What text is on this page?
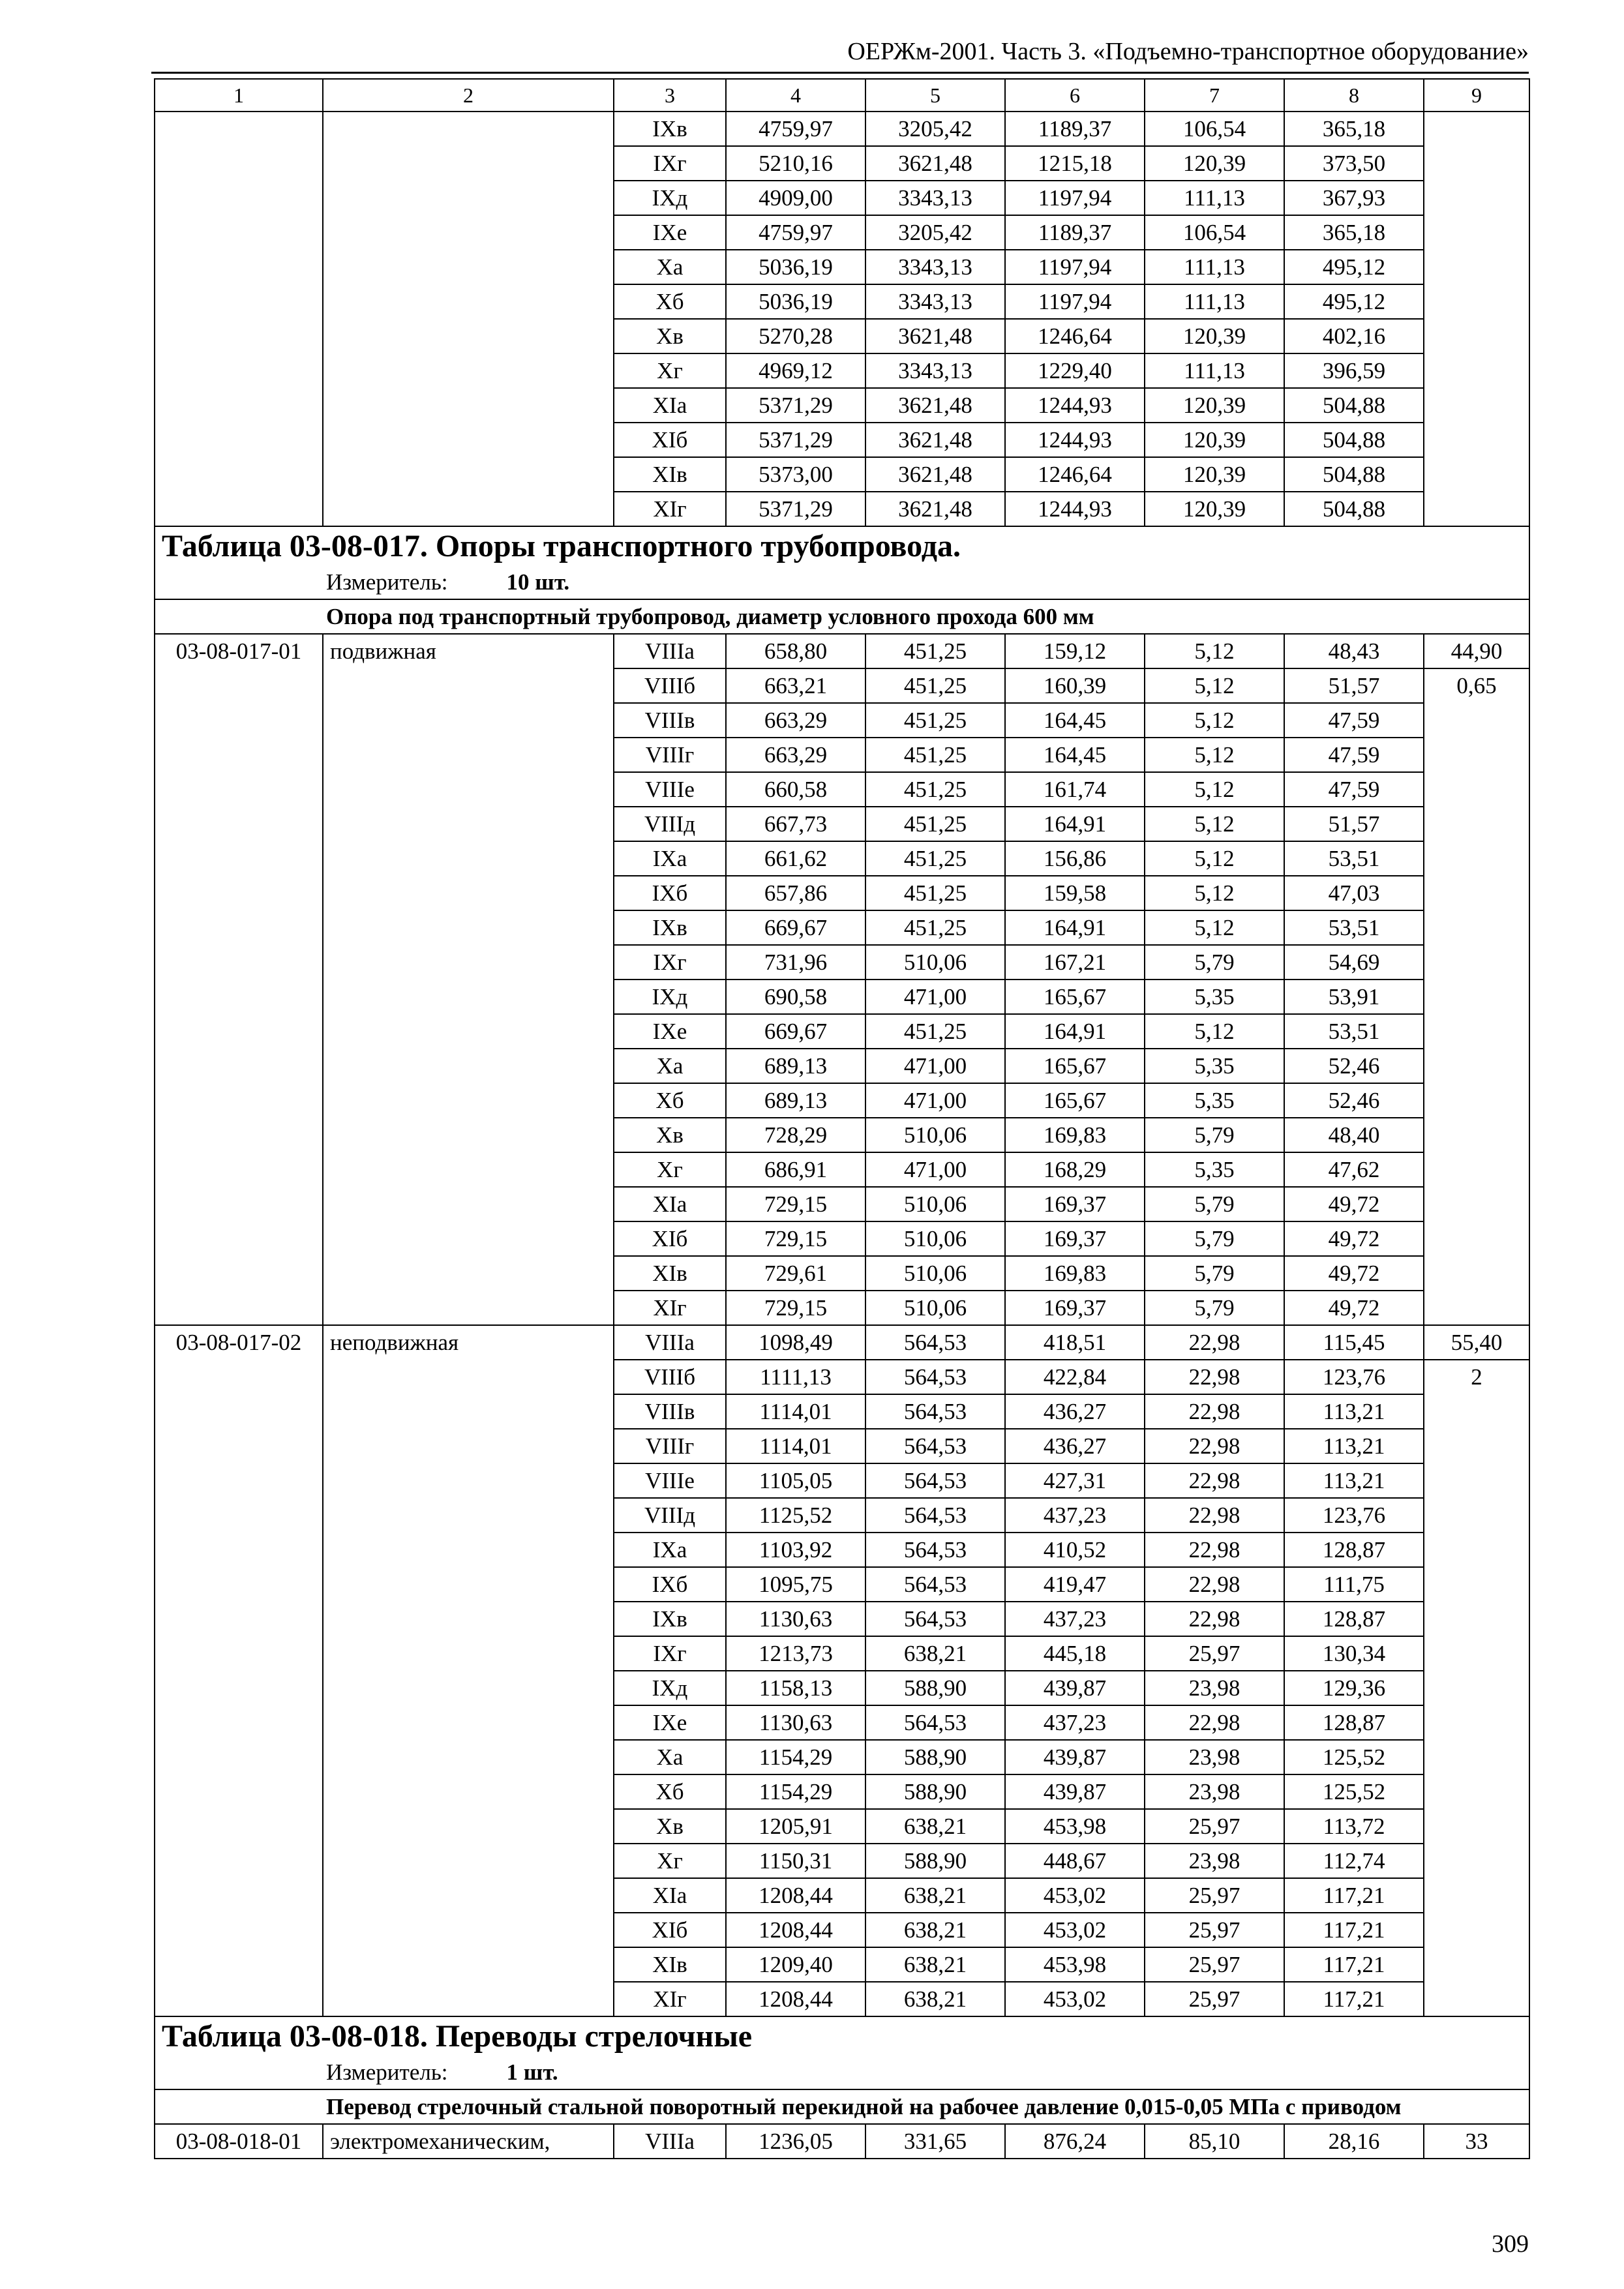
ОЕРЖм-2001. Часть 3. «Подъемно-транспортное оборудование»
1	2	3	4	5	6	7	8	9
		IXв	4759,97	3205,42	1189,37	106,54	365,18	
		IXг	5210,16	3621,48	1215,18	120,39	373,50	
		IXд	4909,00	3343,13	1197,94	111,13	367,93	
		IXе	4759,97	3205,42	1189,37	106,54	365,18	
		Xа	5036,19	3343,13	1197,94	111,13	495,12	
		Xб	5036,19	3343,13	1197,94	111,13	495,12	
		Xв	5270,28	3621,48	1246,64	120,39	402,16	
		Xг	4969,12	3343,13	1229,40	111,13	396,59	
		XIа	5371,29	3621,48	1244,93	120,39	504,88	
		XIб	5371,29	3621,48	1244,93	120,39	504,88	
		XIв	5373,00	3621,48	1246,64	120,39	504,88	
		XIг	5371,29	3621,48	1244,93	120,39	504,88	
Таблица 03-08-017. Опоры транспортного трубопровода.								
Измеритель: 10 шт.								
Опора под транспортный трубопровод, диаметр условного прохода 600 мм								
03-08-017-01	подвижная	VIIIа	658,80	451,25	159,12	5,12	48,43	44,90
		VIIIб	663,21	451,25	160,39	5,12	51,57	0,65
		VIIIв	663,29	451,25	164,45	5,12	47,59	
		VIIIг	663,29	451,25	164,45	5,12	47,59	
		VIIIе	660,58	451,25	161,74	5,12	47,59	
		VIIIд	667,73	451,25	164,91	5,12	51,57	
		IXа	661,62	451,25	156,86	5,12	53,51	
		IXб	657,86	451,25	159,58	5,12	47,03	
		IXв	669,67	451,25	164,91	5,12	53,51	
		IXг	731,96	510,06	167,21	5,79	54,69	
		IXд	690,58	471,00	165,67	5,35	53,91	
		IXе	669,67	451,25	164,91	5,12	53,51	
		Xа	689,13	471,00	165,67	5,35	52,46	
		Xб	689,13	471,00	165,67	5,35	52,46	
		Xв	728,29	510,06	169,83	5,79	48,40	
		Xг	686,91	471,00	168,29	5,35	47,62	
		XIа	729,15	510,06	169,37	5,79	49,72	
		XIб	729,15	510,06	169,37	5,79	49,72	
		XIв	729,61	510,06	169,83	5,79	49,72	
		XIг	729,15	510,06	169,37	5,79	49,72	
03-08-017-02	неподвижная	VIIIа	1098,49	564,53	418,51	22,98	115,45	55,40
		VIIIб	1111,13	564,53	422,84	22,98	123,76	2
		VIIIв	1114,01	564,53	436,27	22,98	113,21	
		VIIIг	1114,01	564,53	436,27	22,98	113,21	
		VIIIе	1105,05	564,53	427,31	22,98	113,21	
		VIIIд	1125,52	564,53	437,23	22,98	123,76	
		IXа	1103,92	564,53	410,52	22,98	128,87	
		IXб	1095,75	564,53	419,47	22,98	111,75	
		IXв	1130,63	564,53	437,23	22,98	128,87	
		IXг	1213,73	638,21	445,18	25,97	130,34	
		IXд	1158,13	588,90	439,87	23,98	129,36	
		IXе	1130,63	564,53	437,23	22,98	128,87	
		Xа	1154,29	588,90	439,87	23,98	125,52	
		Xб	1154,29	588,90	439,87	23,98	125,52	
		Xв	1205,91	638,21	453,98	25,97	113,72	
		Xг	1150,31	588,90	448,67	23,98	112,74	
		XIа	1208,44	638,21	453,02	25,97	117,21	
		XIб	1208,44	638,21	453,02	25,97	117,21	
		XIв	1209,40	638,21	453,98	25,97	117,21	
		XIг	1208,44	638,21	453,02	25,97	117,21	
Таблица 03-08-018. Переводы стрелочные								
Измеритель: 1 шт.								
Перевод стрелочный стальной поворотный перекидной на рабочее давление 0,015-0,05 МПа с приводом								
03-08-018-01	электромеханическим,	VIIIа	1236,05	331,65	876,24	85,10	28,16	33
309
